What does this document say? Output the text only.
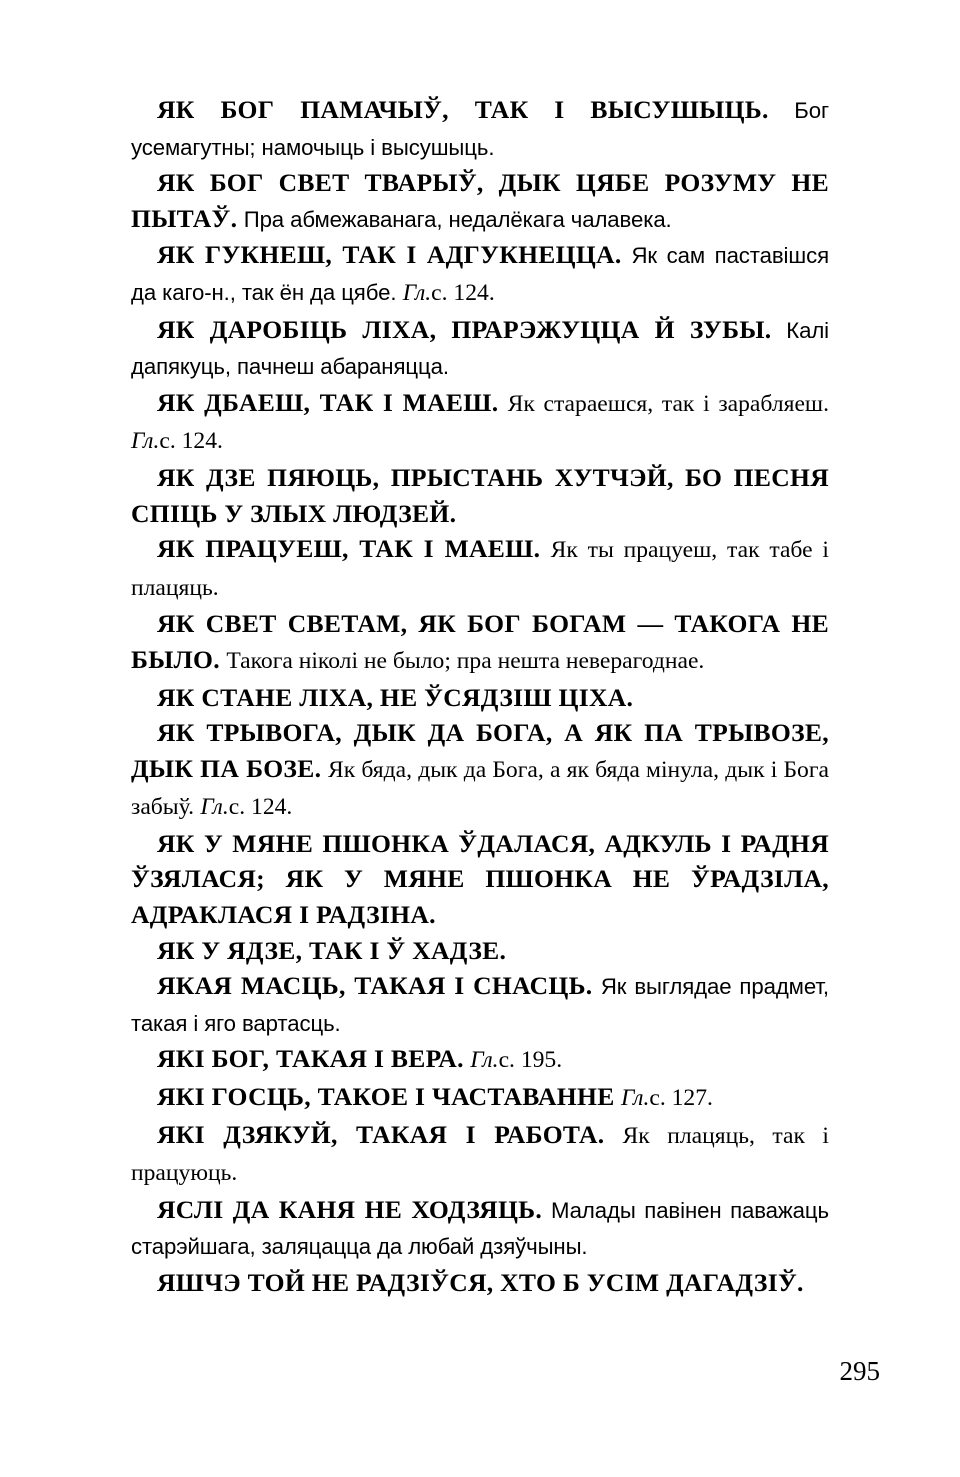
ЯК БОГ ПАМАЧЫЎ, ТАК І ВЫСУШЫЦЬ. Бог усемагутны; намочыць і высушыць.

ЯК БОГ СВЕТ ТВАРЫЎ, ДЫК ЦЯБЕ РОЗУМУ НЕ ПЫТАЎ. Пра абмежаванага, недалёкага чалавека.

ЯК ГУКНЕШ, ТАК І АДГУКНЕЦЦА. Як сам паставішся да каго-н., так ён да цябе. Гл.с. 124.

ЯК ДАРОБІЦЬ ЛІХА, ПРАРЭЖУЦЦА Й ЗУБЫ. Калі дапякуць, пачнеш абараняцца.

ЯК ДБАЕШ, ТАК І МАЕШ. Як стараешся, так і зарабляеш. Гл.с. 124.

ЯК ДЗЕ ПЯЮЦЬ, ПРЫСТАНЬ ХУТЧЭЙ, БО ПЕСНЯ СПІЦЬ У ЗЛЫХ ЛЮДЗЕЙ.

ЯК ПРАЦУЕШ, ТАК І МАЕШ. Як ты працуеш, так табе і плацяць.

ЯК СВЕТ СВЕТАМ, ЯК БОГ БОГАМ — ТАКОГА НЕ БЫЛО. Такога ніколі не было; пра нешта неверагоднае.

ЯК СТАНЕ ЛІХА, НЕ ЎСЯДЗІШ ЦІХА.

ЯК ТРЫВОГА, ДЫК ДА БОГА, А ЯК ПА ТРЫВОЗЕ, ДЫК ПА БОЗЕ. Як бяда, дык да Бога, а як бяда мінула, дык і Бога забыў. Гл.с. 124.

ЯК У МЯНЕ ПШОНКА ЎДАЛАСЯ, АДКУЛЬ І РАДНЯ ЎЗЯЛАСЯ; ЯК У МЯНЕ ПШОНКА НЕ ЎРАДЗІЛА, АДРАКЛАСЯ І РАДЗІНА.

ЯК У ЯДЗЕ, ТАК І Ў ХАДЗЕ.

ЯКАЯ МАСЦЬ, ТАКАЯ І СНАСЦЬ. Як выглядае прадмет, такая і яго вартасць.

ЯКІ БОГ, ТАКАЯ І ВЕРА. Гл.с. 195.

ЯКІ ГОСЦЬ, ТАКОЕ І ЧАСТАВАННЕ Гл.с. 127.

ЯКІ ДЗЯКУЙ, ТАКАЯ І РАБОТА. Як плацяць, так і працуюць.

ЯСЛІ ДА КАНЯ НЕ ХОДЗЯЦЬ. Малады павінен паважаць старэйшага, заляцацца да любай дзяўчыны.

ЯШЧЭ ТОЙ НЕ РАДЗІЎСЯ, ХТО Б УСІМ ДАГАДЗІЎ.

295
